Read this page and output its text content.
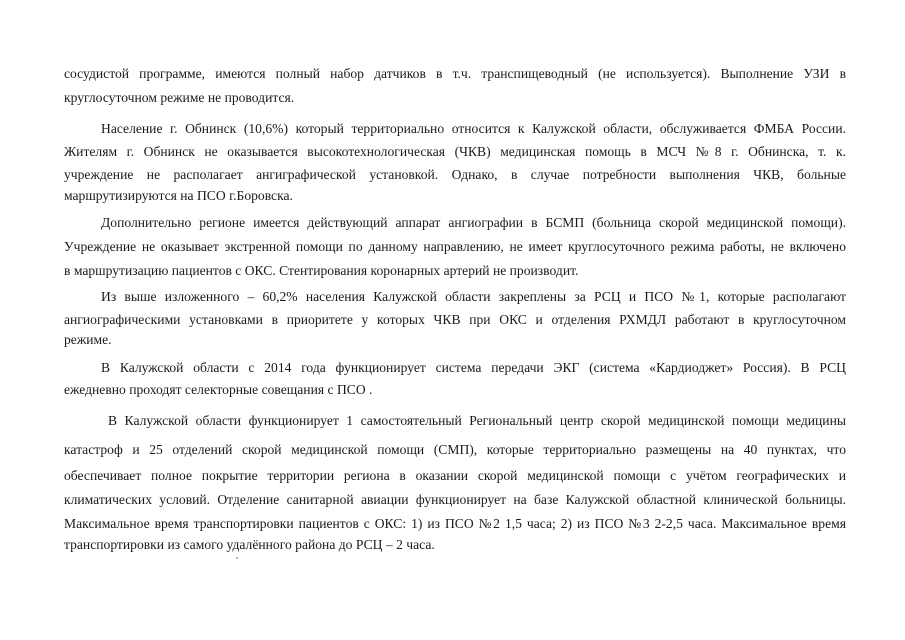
сосудистой программе, имеются полный набор датчиков в т.ч. транспищеводный (не используется). Выполнение УЗИ в

круглосуточном режиме не проводится.

Население г. Обнинск (10,6%) который территориально относится к Калужской области, обслуживается ФМБА России.

Жителям г. Обнинск не оказывается высокотехнологическая (ЧКВ) медицинская помощь в МСЧ №8 г. Обнинска, т. к.

учреждение не располагает ангиграфической установкой. Однако, в случае потребности выполнения ЧКВ, больные

маршрутизируются на ПСО г.Боровска.

Дополнительно регионе имеется действующий аппарат ангиографии в БСМП (больница скорой медицинской помощи).

Учреждение не оказывает экстренной помощи по данному направлению, не имеет круглосуточного режима работы, не включено

в маршрутизацию пациентов с ОКС. Стентирования коронарных артерий не производит.

Из выше изложенного – 60,2% населения Калужской области закреплены за РСЦ и ПСО №1, которые располагают

ангиографическими установками в приоритете у которых ЧКВ при ОКС и отделения РХМДЛ работают в круглосуточном

режиме.

В Калужской области с 2014 года функционирует система передачи ЭКГ (система «Кардиоджет» Россия). В РСЦ

ежедневно проходят селекторные совещания с ПСО .

В Калужской области функционирует 1 самостоятельный Региональный центр скорой медицинской помощи медицины

катастроф и 25 отделений скорой медицинской помощи (СМП), которые территориально размещены на 40 пунктах, что

обеспечивает полное покрытие территории региона в оказании скорой медицинской помощи с учётом географических и

климатических условий. Отделение санитарной авиации функционирует на базе Калужской областной клинической больницы.

Максимальное время транспортировки пациентов с ОКС: 1) из ПСО №2 1,5 часа; 2) из ПСО №3 2-2,5 часа. Максимальное время

транспортировки из самого удалённого района до РСЦ – 2 часа.
